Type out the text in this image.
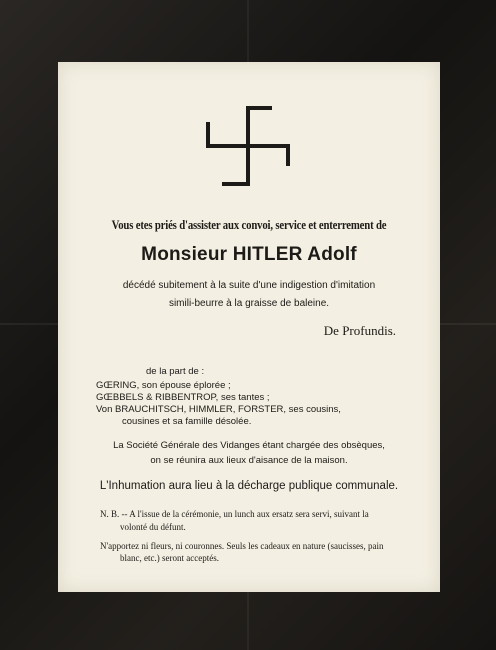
Vous etes priés d'assister aux convoi, service et enterrement de
Monsieur HITLER Adolf
décédé subitement à la suite d'une indigestion d'imitation
simili-beurre à la graisse de baleine.
De Profundis.
de la part de :
GŒRING, son épouse éplorée ;
GŒBBELS & RIBBENTROP, ses tantes ;
Von BRAUCHITSCH, HIMMLER, FORSTER, ses cousins,
cousines et sa famille désolée.
La Société Générale des Vidanges étant chargée des obsèques,
on se réunira aux lieux d'aisance de la maison.
L'Inhumation aura lieu à la décharge publique communale.
N. B. -- A l'issue de la cérémonie, un lunch aux ersatz sera servi, suivant la
volonté du défunt.
N'apportez ni fleurs, ni couronnes. Seuls les cadeaux en nature (saucisses, pain
blanc, etc.) seront acceptés.
